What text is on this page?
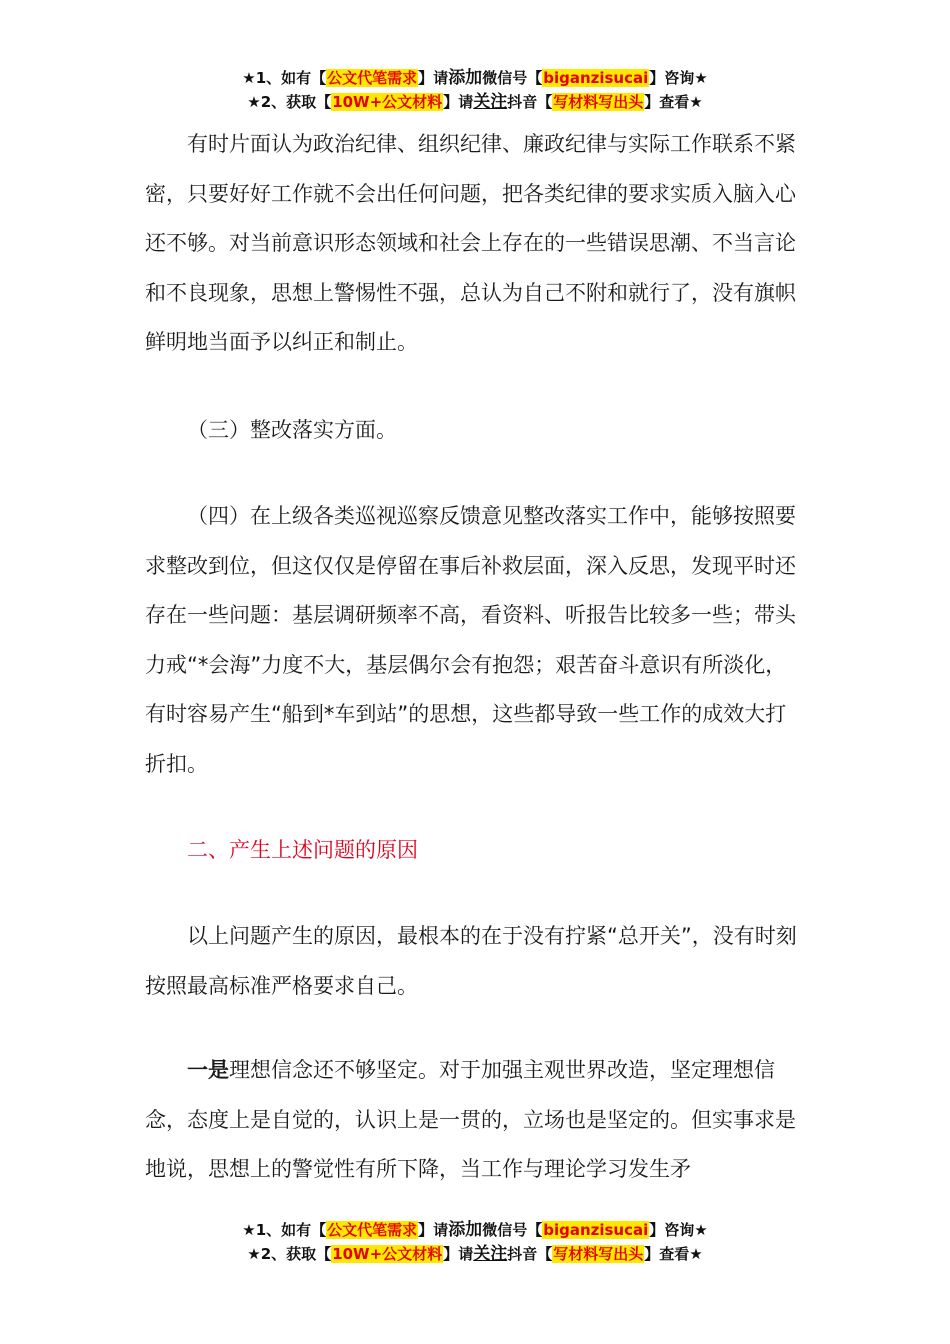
★1、如有【公文代笔需求】请添加微信号【biganzisucai】咨询★
★2、获取【10W+公文材料】请关注抖音【写材料写出头】查看★

有时片面认为政治纪律、组织纪律、廉政纪律与实际工作联系不紧密，只要好好工作就不会出任何问题，把各类纪律的要求实质入脑入心还不够。对当前意识形态领域和社会上存在的一些错误思潮、不当言论和不良现象，思想上警惕性不强，总认为自己不附和就行了，没有旗帜鲜明地当面予以纠正和制止。

（三）整改落实方面。

（四）在上级各类巡视巡察反馈意见整改落实工作中，能够按照要求整改到位，但这仅仅是停留在事后补救层面，深入反思，发现平时还存在一些问题：基层调研频率不高，看资料、听报告比较多一些；带头力戒“*会海”力度不大，基层偶尔会有抱怨；艰苦奋斗意识有所淡化，有时容易产生“船到*车到站”的思想，这些都导致一些工作的成效大打折扣。

二、产生上述问题的原因

以上问题产生的原因，最根本的在于没有拧紧“总开关”，没有时刻按照最高标准严格要求自己。

一是理想信念还不够坚定。对于加强主观世界改造，坚定理想信念，态度上是自觉的，认识上是一贯的，立场也是坚定的。但实事求是地说，思想上的警觉性有所下降，当工作与理论学习发生矛

★1、如有【公文代笔需求】请添加微信号【biganzisucai】咨询★
★2、获取【10W+公文材料】请关注抖音【写材料写出头】查看★
